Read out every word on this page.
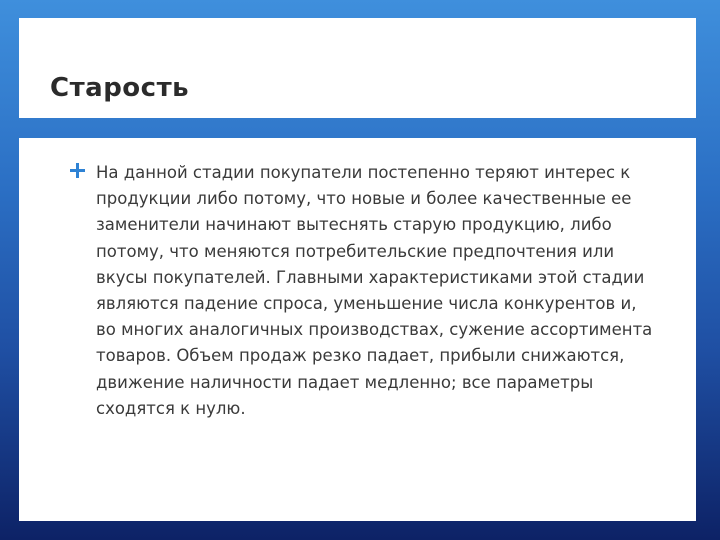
Старость

На данной стадии покупатели постепенно теряют интерес к продукции либо потому, что новые и более качественные ее заменители начинают вытеснять старую продукцию, либо потому, что меняются потребительские предпочтения или вкусы покупателей. Главными характеристиками этой стадии являются падение спроса, уменьшение числа конкурентов и, во многих аналогичных производствах, сужение ассортимента товаров. Объем продаж резко падает, прибыли снижаются, движение наличности падает медленно; все параметры сходятся к нулю.
